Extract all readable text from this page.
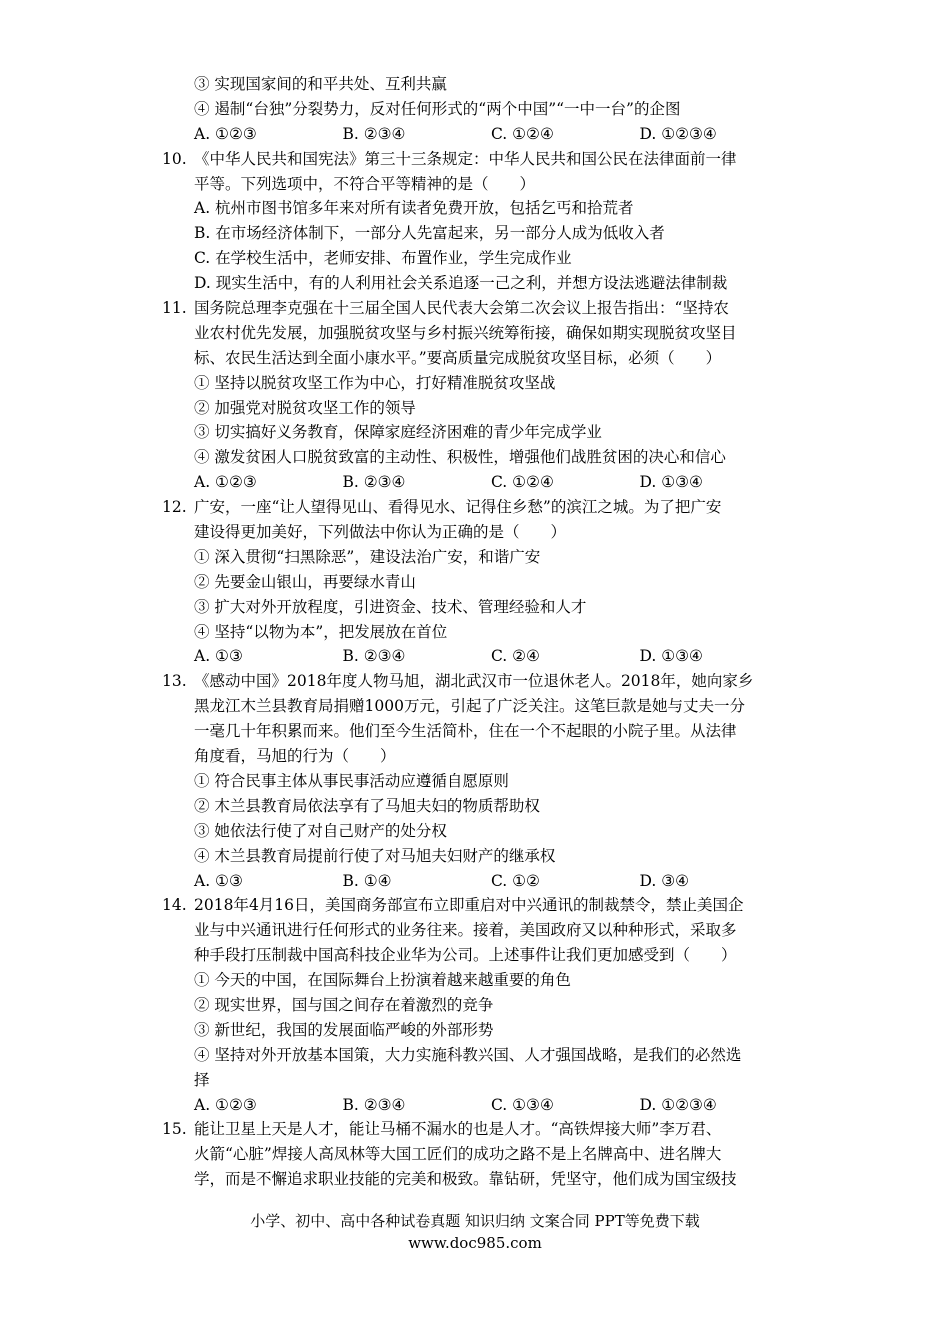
③ 实现国家间的和平共处、互利共赢
④ 遏制“台独”分裂势力，反对任何形式的“两个中国”“一中一台”的企图
A. ①②③	B. ②③④	C. ①②④	D. ①②③④
10. 《中华人民共和国宪法》第三十三条规定：中华人民共和国公民在法律面前一律
平等。下列选项中，不符合平等精神的是（　　）
A. 杭州市图书馆多年来对所有读者免费开放，包括乞丐和拾荒者
B. 在市场经济体制下，一部分人先富起来，另一部分人成为低收入者
C. 在学校生活中，老师安排、布置作业，学生完成作业
D. 现实生活中，有的人利用社会关系追逐一己之利，并想方设法逃避法律制裁
11. 国务院总理李克强在十三届全国人民代表大会第二次会议上报告指出：“坚持农
业农村优先发展，加强脱贫攻坚与乡村振兴统筹衔接，确保如期实现脱贫攻坚目
标、农民生活达到全面小康水平。”要高质量完成脱贫攻坚目标，必须（　　）
① 坚持以脱贫攻坚工作为中心，打好精准脱贫攻坚战
② 加强党对脱贫攻坚工作的领导
③ 切实搞好义务教育，保障家庭经济困难的青少年完成学业
④ 激发贫困人口脱贫致富的主动性、积极性，增强他们战胜贫困的决心和信心
A. ①②③	B. ②③④	C. ①②④	D. ①③④
12. 广安，一座“让人望得见山、看得见水、记得住乡愁”的滨江之城。为了把广安
建设得更加美好，下列做法中你认为正确的是（　　）
① 深入贯彻“扫黑除恶”，建设法治广安，和谐广安
② 先要金山银山，再要绿水青山
③ 扩大对外开放程度，引进资金、技术、管理经验和人才
④ 坚持“以物为本”，把发展放在首位
A. ①③	B. ②③④	C. ②④	D. ①③④
13. 《感动中国》2018年度人物马旭，湖北武汉市一位退休老人。2018年，她向家乡
黑龙江木兰县教育局捐赠1000万元，引起了广泛关注。这笔巨款是她与丈夫一分
一毫几十年积累而来。他们至今生活简朴，住在一个不起眼的小院子里。从法律
角度看，马旭的行为（　　）
① 符合民事主体从事民事活动应遵循自愿原则
② 木兰县教育局依法享有了马旭夫妇的物质帮助权
③ 她依法行使了对自己财产的处分权
④ 木兰县教育局提前行使了对马旭夫妇财产的继承权
A. ①③	B. ①④	C. ①②	D. ③④
14. 2018年4月16日，美国商务部宣布立即重启对中兴通讯的制裁禁令，禁止美国企
业与中兴通讯进行任何形式的业务往来。接着，美国政府又以种种形式，采取多
种手段打压制裁中国高科技企业华为公司。上述事件让我们更加感受到（　　）
① 今天的中国，在国际舞台上扮演着越来越重要的角色
② 现实世界，国与国之间存在着激烈的竞争
③ 新世纪，我国的发展面临严峻的外部形势
④ 坚持对外开放基本国策，大力实施科教兴国、人才强国战略，是我们的必然选
择
A. ①②③	B. ②③④	C. ①③④	D. ①②③④
15. 能让卫星上天是人才，能让马桶不漏水的也是人才。“高铁焊接大师”李万君、
火箭“心脏”焊接人高凤林等大国工匠们的成功之路不是上名牌高中、进名牌大
学，而是不懈追求职业技能的完美和极致。靠钻研，凭坚守，他们成为国宝级技
小学、初中、高中各种试卷真题 知识归纳 文案合同 PPT等免费下载
www.doc985.com
